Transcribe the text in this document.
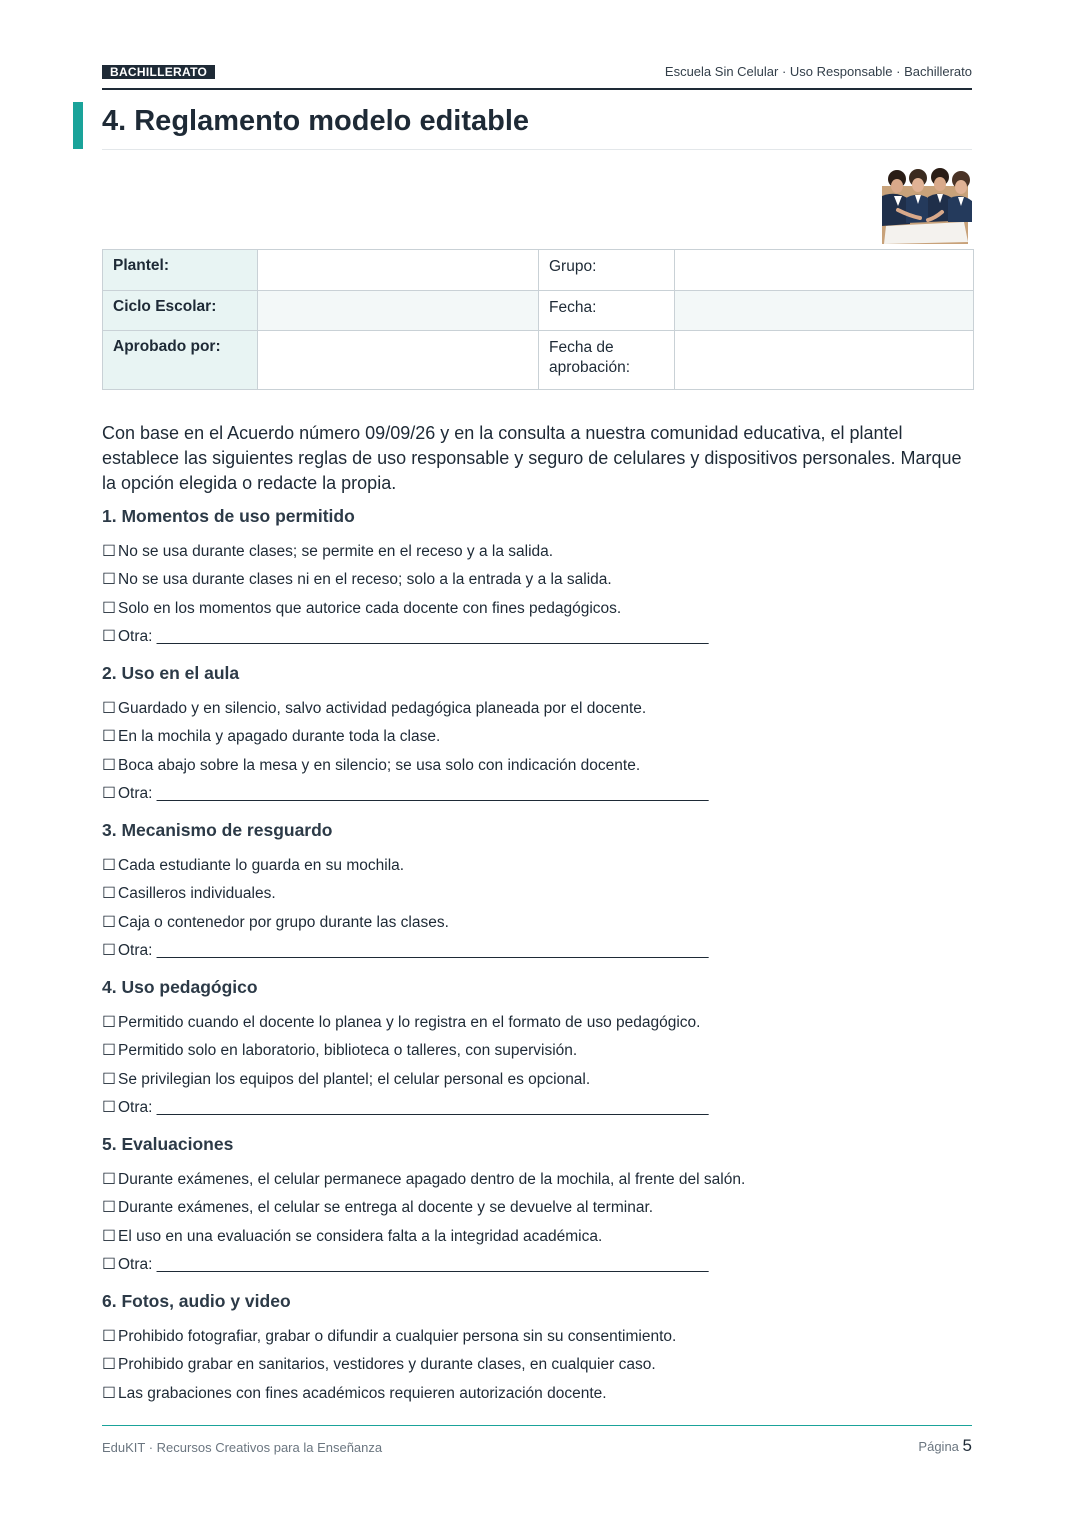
BACHILLERATO	Escuela Sin Celular · Uso Responsable · Bachillerato
4. Reglamento modelo editable
Plantel:		Grupo:	
Ciclo Escolar:		Fecha:	
Aprobado por:		Fecha de aprobación:	

Con base en el Acuerdo número 09/09/26 y en la consulta a nuestra comunidad educativa, el plantel establece las siguientes reglas de uso responsable y seguro de celulares y dispositivos personales. Marque la opción elegida o redacte la propia.

1. Momentos de uso permitido

☐ No se usa durante clases; se permite en el receso y a la salida.

☐ No se usa durante clases ni en el receso; solo a la entrada y a la salida.

☐ Solo en los momentos que autorice cada docente con fines pedagógicos.

☐ Otra: ________________________________________________________________

2. Uso en el aula

☐ Guardado y en silencio, salvo actividad pedagógica planeada por el docente.

☐ En la mochila y apagado durante toda la clase.

☐ Boca abajo sobre la mesa y en silencio; se usa solo con indicación docente.

☐ Otra: ________________________________________________________________

3. Mecanismo de resguardo

☐ Cada estudiante lo guarda en su mochila.

☐ Casilleros individuales.

☐ Caja o contenedor por grupo durante las clases.

☐ Otra: ________________________________________________________________

4. Uso pedagógico

☐ Permitido cuando el docente lo planea y lo registra en el formato de uso pedagógico.

☐ Permitido solo en laboratorio, biblioteca o talleres, con supervisión.

☐ Se privilegian los equipos del plantel; el celular personal es opcional.

☐ Otra: ________________________________________________________________

5. Evaluaciones

☐ Durante exámenes, el celular permanece apagado dentro de la mochila, al frente del salón.

☐ Durante exámenes, el celular se entrega al docente y se devuelve al terminar.

☐ El uso en una evaluación se considera falta a la integridad académica.

☐ Otra: ________________________________________________________________

6. Fotos, audio y video

☐ Prohibido fotografiar, grabar o difundir a cualquier persona sin su consentimiento.

☐ Prohibido grabar en sanitarios, vestidores y durante clases, en cualquier caso.

☐ Las grabaciones con fines académicos requieren autorización docente.

EduKIT · Recursos Creativos para la Enseñanza	Página 5
